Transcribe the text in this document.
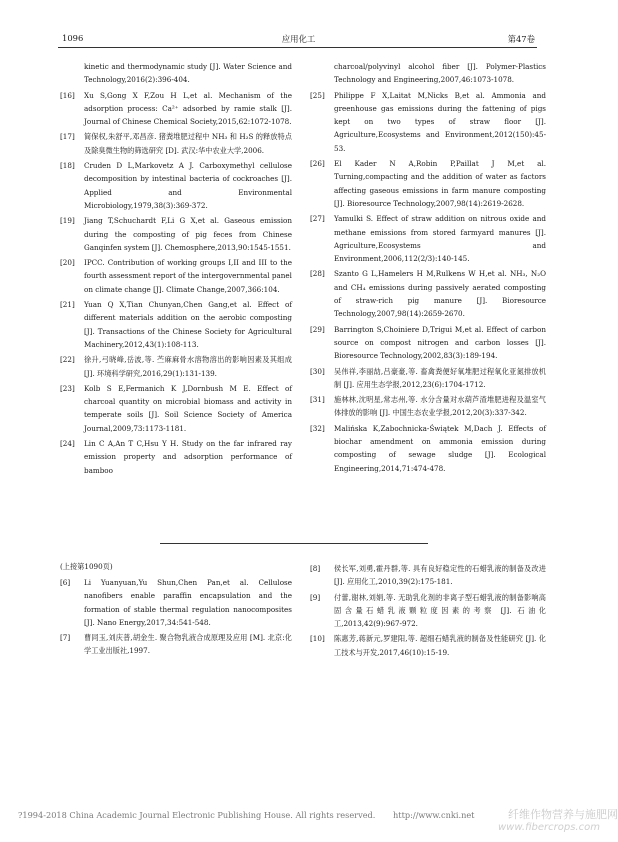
1096	应用化工	第47卷
kinetic and thermodynamic study [J]. Water Science and Technology,2016(2):396-404.
[16] Xu S,Gong X F,Zou H L,et al. Mechanism of the adsorption process: Ca²⁺ adsorbed by ramie stalk [J]. Journal of Chinese Chemical Society,2015,62:1072-1078.
[17] 简保权,朱舒平,邓昌彦. 猪粪堆肥过程中 NH₃ 和 H₂S 的释放特点及除臭微生物的筛选研究 [D]. 武汉:华中农业大学,2006.
[18] Cruden D L,Markovetz A J. Carboxymethyl cellulose decomposition by intestinal bacteria of cockroaches [J]. Applied and Environmental Microbiology,1979,38(3):369-372.
[19] Jiang T,Schuchardt F,Li G X,et al. Gaseous emission during the composting of pig feces from Chinese Ganqinfen system [J]. Chemosphere,2013,90:1545-1551.
[20] IPCC. Contribution of working groups I,II and III to the fourth assessment report of the intergovernmental panel on climate change [J]. Climate Change,2007,366:104.
[21] Yuan Q X,Tian Chunyan,Chen Gang,et al. Effect of different materials addition on the aerobic composting [J]. Transactions of the Chinese Society for Agricultural Machinery,2012,43(1):108-113.
[22] 徐升,弓晓峰,岳波,等. 苎麻麻骨水溶物溶出的影响因素及其组成 [J]. 环境科学研究,2016,29(1):131-139.
[23] Kolb S E,Fermanich K J,Dornbush M E. Effect of charcoal quantity on microbial biomass and activity in temperate soils [J]. Soil Science Society of America Journal,2009,73:1173-1181.
[24] Lin C A,An T C,Hsu Y H. Study on the far infrared ray emission property and adsorption performance of bamboo
charcoal/polyvinyl alcohol fiber [J]. Polymer-Plastics Technology and Engineering,2007,46:1073-1078.
[25] Philippe F X,Laitat M,Nicks B,et al. Ammonia and greenhouse gas emissions during the fattening of pigs kept on two types of straw floor [J]. Agriculture,Ecosystems and Environment,2012(150):45-53.
[26] El Kader N A,Robin P,Paillat J M,et al. Turning,compacting and the addition of water as factors affecting gaseous emissions in farm manure composting [J]. Bioresource Technology,2007,98(14):2619-2628.
[27] Yamulki S. Effect of straw addition on nitrous oxide and methane emissions from stored farmyard manures [J]. Agriculture,Ecosystems and Environment,2006,112(2/3):140-145.
[28] Szanto G L,Hamelers H M,Rulkens W H,et al. NH₃, N₂O and CH₄ emissions during passively aerated composting of straw-rich pig manure [J]. Bioresource Technology,2007,98(14):2659-2670.
[29] Barrington S,Choiniere D,Trigui M,et al. Effect of carbon source on compost nitrogen and carbon losses [J]. Bioresource Technology,2002,83(3):189-194.
[30] 吴伟祥,李丽劼,吕豪豪,等. 畜禽粪便好氧堆肥过程氧化亚氮排放机制 [J]. 应用生态学报,2012,23(6):1704-1712.
[31] 施林林,沈明星,常志州,等. 水分含量对水葫芦渣堆肥进程及温室气体排放的影响 [J]. 中国生态农业学报,2012,20(3):337-342.
[32] Malińska K,Zabochnicka-Świątek M,Dach J. Effects of biochar amendment on ammonia emission during composting of sewage sludge [J]. Ecological Engineering,2014,71:474-478.
(上接第1090页)
[6] Li Yuanyuan,Yu Shun,Chen Pan,et al. Cellulose nanofibers enable paraffin encapsulation and the formation of stable thermal regulation nanocomposites [J]. Nano Energy,2017,34:541-548.
[7] 曹同玉,刘庆普,胡金生. 聚合物乳液合成原理及应用 [M]. 北京:化学工业出版社,1997.
[8] 侯长军,刘勇,霍丹群,等. 具有良好稳定性的石蜡乳液的制备及改进 [J]. 应用化工,2010,39(2):175-181.
[9] 付蕾,谢林,刘娟,等. 无助乳化剂的非离子型石蜡乳液的制备影响高固含量石蜡乳液颗粒度因素的考察 [J]. 石油化工,2013,42(9):967-972.
[10] 陈惠芳,蒋新元,罗建阳,等. 超细石蜡乳液的制备及性能研究 [J]. 化工技术与开发,2017,46(10):15-19.
?1994-2018 China Academic Journal Electronic Publishing House. All rights reserved. http://www.cnki.net	纤维作物营养与施肥网
www.fibercrops.com
